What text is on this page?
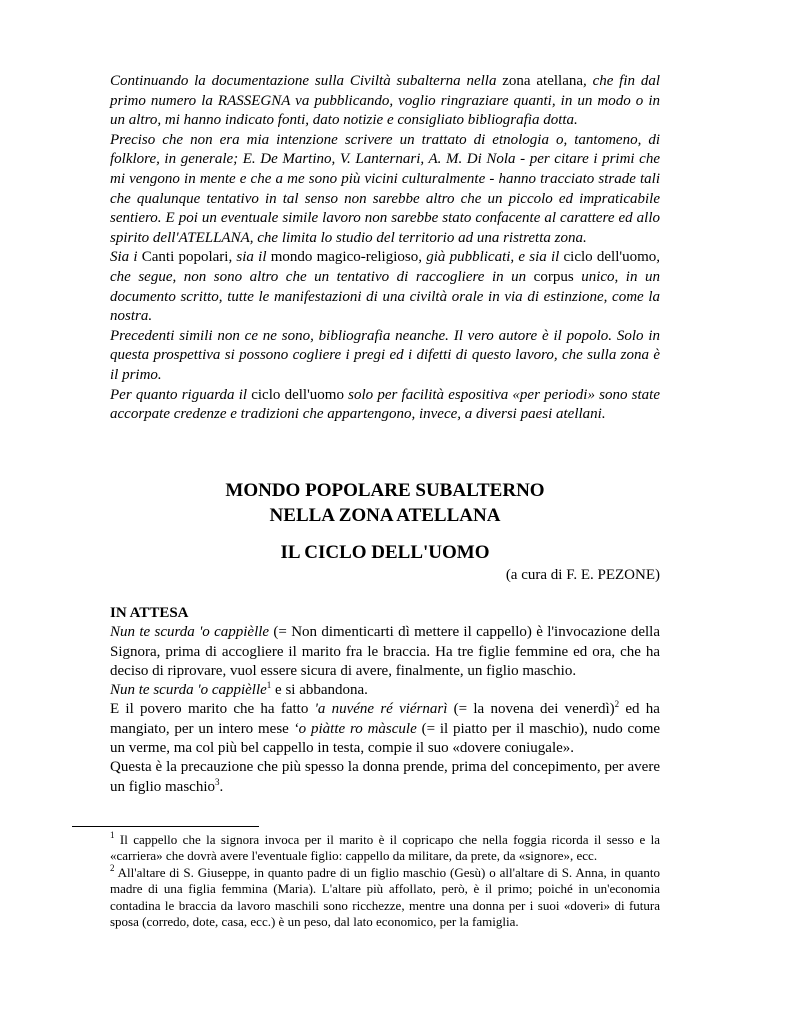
Continuando la documentazione sulla Civiltà subalterna nella zona atellana, che fin dal primo numero la RASSEGNA va pubblicando, voglio ringraziare quanti, in un modo o in un altro, mi hanno indicato fonti, dato notizie e consigliato bibliografia dotta.

Preciso che non era mia intenzione scrivere un trattato di etnologia o, tantomeno, di folklore, in generale; E. De Martino, V. Lanternari, A. M. Di Nola - per citare i primi che mi vengono in mente e che a me sono più vicini culturalmente - hanno tracciato strade tali che qualunque tentativo in tal senso non sarebbe altro che un piccolo ed impraticabile sentiero. E poi un eventuale simile lavoro non sarebbe stato confacente al carattere ed allo spirito dell'ATELLANA, che limita lo studio del territorio ad una ristretta zona.

Sia i Canti popolari, sia il mondo magico-religioso, già pubblicati, e sia il ciclo dell'uomo, che segue, non sono altro che un tentativo di raccogliere in un corpus unico, in un documento scritto, tutte le manifestazioni di una civiltà orale in via di estinzione, come la nostra.

Precedenti simili non ce ne sono, bibliografia neanche. Il vero autore è il popolo. Solo in questa prospettiva si possono cogliere i pregi ed i difetti di questo lavoro, che sulla zona è il primo.

Per quanto riguarda il ciclo dell'uomo solo per facilità espositiva «per periodi» sono state accorpate credenze e tradizioni che appartengono, invece, a diversi paesi atellani.

MONDO POPOLARE SUBALTERNO
NELLA ZONA ATELLANA
IL CICLO DELL'UOMO
(a cura di F. E. PEZONE)

IN ATTESA

Nun te scurda 'o cappièlle (= Non dimenticarti dì mettere il cappello) è l'invocazione della Signora, prima di accogliere il marito fra le braccia. Ha tre figlie femmine ed ora, che ha deciso di riprovare, vuol essere sicura di avere, finalmente, un figlio maschio.

Nun te scurda 'o cappièlle$^1$ e si abbandona.

E il povero marito che ha fatto 'a nuvéne ré viérnarì (= la novena dei venerdì)$^2$ ed ha mangiato, per un intero mese ‘o piàtte ro màscule (= il piatto per il maschio), nudo come un verme, ma col più bel cappello in testa, compie il suo «dovere coniugale».

Questa è la precauzione che più spesso la donna prende, prima del concepimento, per avere un figlio maschio$^3$.

$^1$ Il cappello che la signora invoca per il marito è il copricapo che nella foggia ricorda il sesso e la «carriera» che dovrà avere l'eventuale figlio: cappello da militare, da prete, da «signore», ecc.

$^2$ All'altare di S. Giuseppe, in quanto padre di un figlio maschio (Gesù) o all'altare di S. Anna, in quanto madre di una figlia femmina (Maria). L'altare più affollato, però, è il primo; poiché in un'economia contadina le braccia da lavoro maschili sono ricchezze, mentre una donna per i suoi «doveri» di futura sposa (corredo, dote, casa, ecc.) è un peso, dal lato economico, per la famiglia.
